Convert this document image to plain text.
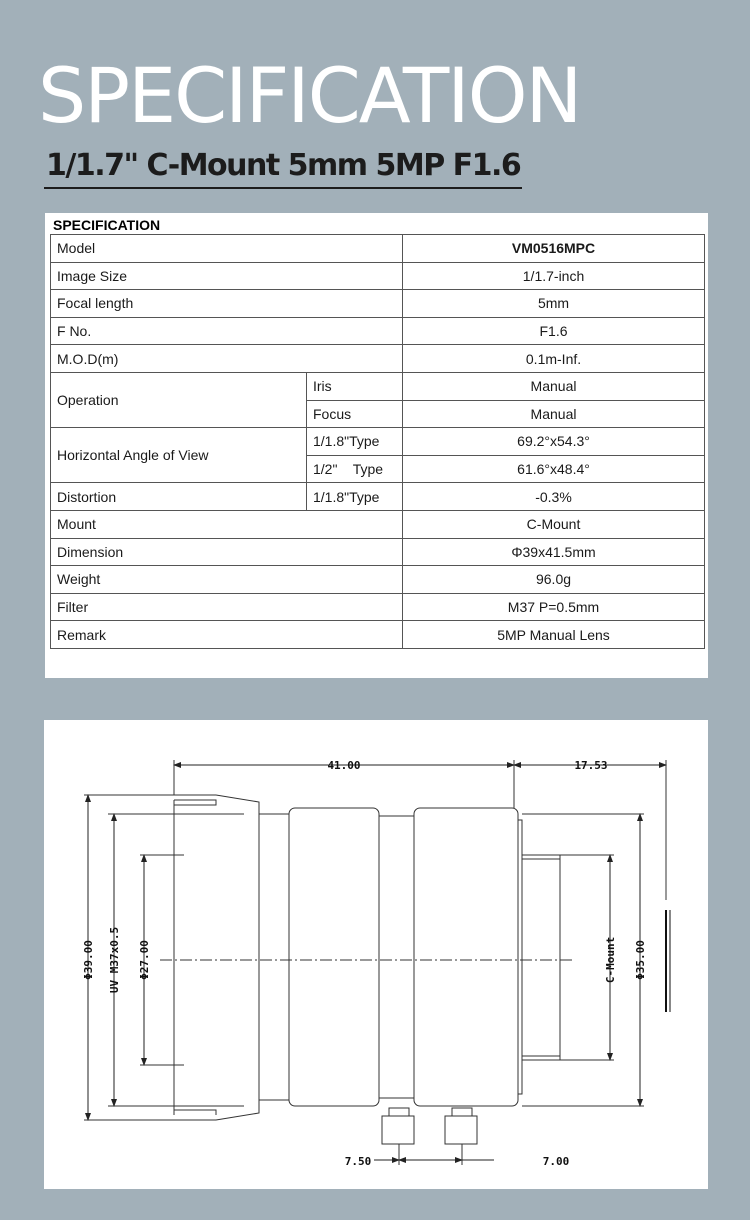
SPECIFICATION
1/1.7" C-Mount 5mm 5MP F1.6
SPECIFICATION
Model		VM0516MPC
Image Size		1/1.7-inch
Focal length		5mm
F No.		F1.6
M.O.D(m)		0.1m-Inf.
Operation	Iris	Manual
	Focus	Manual
Horizontal Angle of View	1/1.8"Type	69.2°x54.3°
	1/2"    Type	61.6°x48.4°
Distortion	1/1.8"Type	-0.3%
Mount		C-Mount
Dimension		Φ39x41.5mm
Weight		96.0g
Filter		M37 P=0.5mm
Remark		5MP Manual Lens
41.00	17.53
Φ39.00 UV M37x0.5 Φ27.00	C-Mount Φ35.00
7.50	7.00
